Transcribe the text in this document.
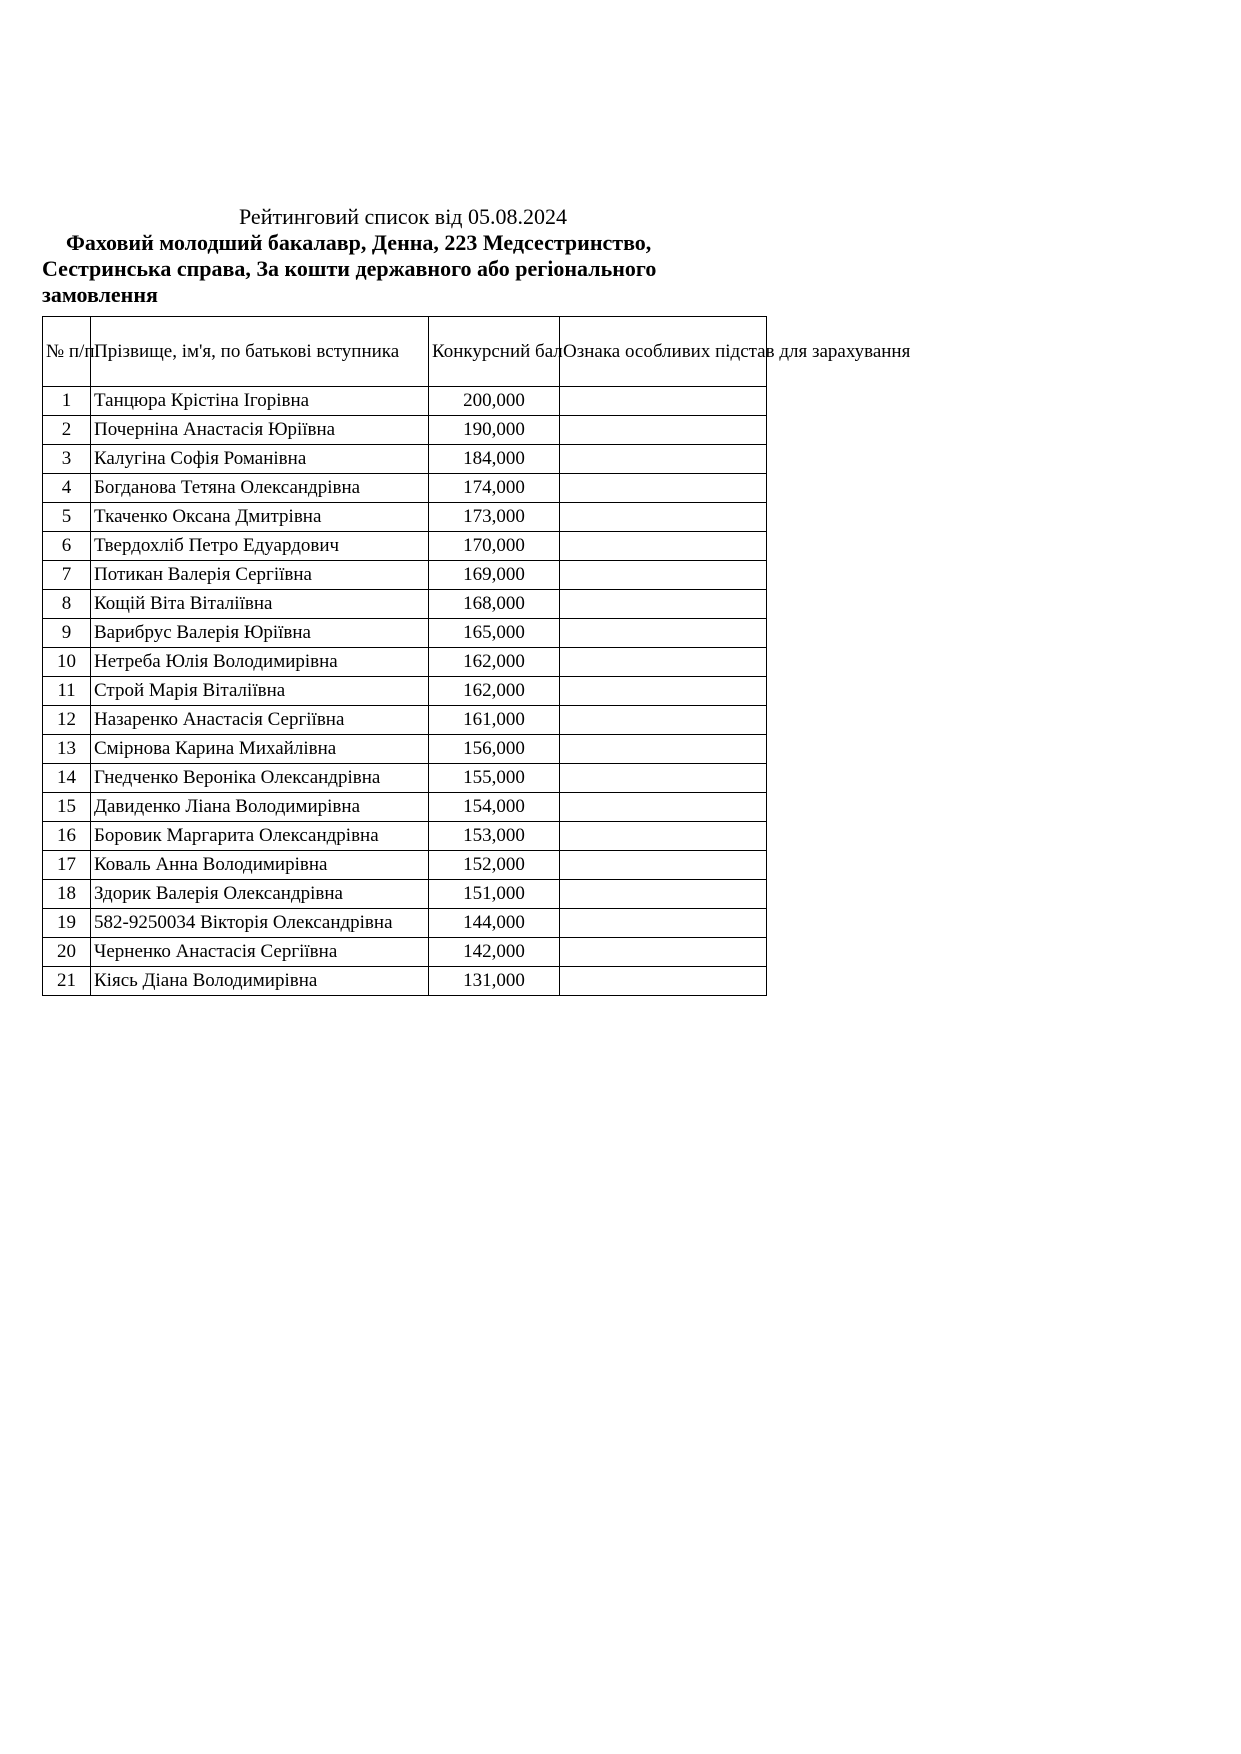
Рейтинговий список від 05.08.2024
Фаховий молодший бакалавр, Денна, 223 Медсестринство, Сестринська справа, За кошти державного або регіонального замовлення
№ п/п	Прізвище, ім'я, по батькові вступника	Конкурсний бал	Ознака особливих підстав для зарахування
1	Танцюра Крістіна Ігорівна	200,000	
2	Почерніна Анастасія Юріївна	190,000	
3	Калугіна Софія Романівна	184,000	
4	Богданова Тетяна Олександрівна	174,000	
5	Ткаченко Оксана Дмитрівна	173,000	
6	Твердохліб Петро Едуардович	170,000	
7	Потикан Валерія Сергіївна	169,000	
8	Кощій Віта Віталіївна	168,000	
9	Варибрус Валерія Юріївна	165,000	
10	Нетреба Юлія Володимирівна	162,000	
11	Строй Марія Віталіївна	162,000	
12	Назаренко Анастасія Сергіївна	161,000	
13	Смірнова Карина Михайлівна	156,000	
14	Гнедченко Вероніка Олександрівна	155,000	
15	Давиденко Ліана Володимирівна	154,000	
16	Боровик Маргарита Олександрівна	153,000	
17	Коваль Анна Володимирівна	152,000	
18	Здорик Валерія Олександрівна	151,000	
19	582-9250034 Вікторія Олександрівна	144,000	
20	Черненко Анастасія Сергіївна	142,000	
21	Кіясь Діана Володимирівна	131,000	
